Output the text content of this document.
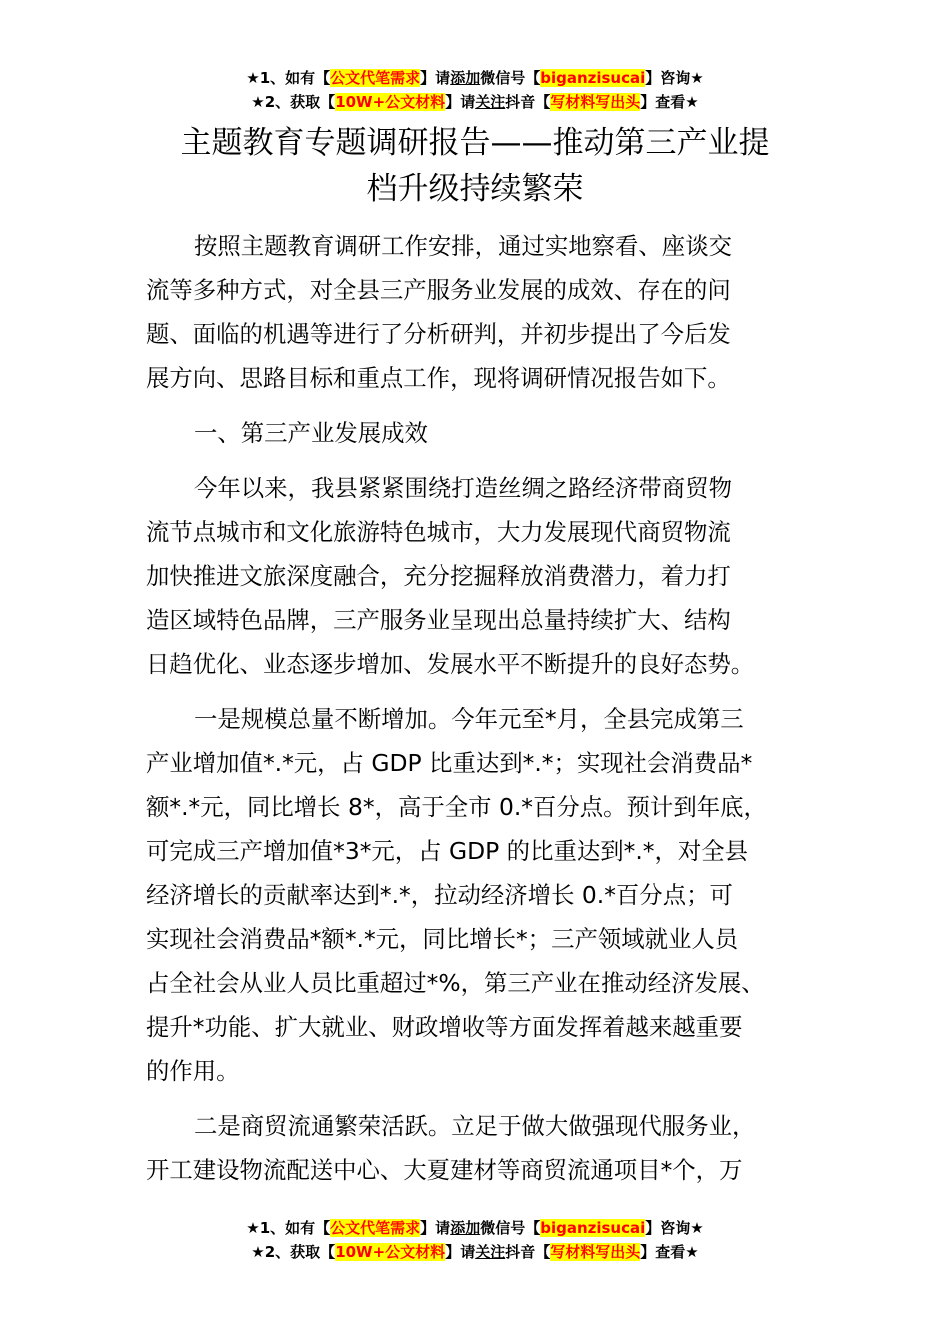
★1、如有【公文代笔需求】请添加微信号【biganzisucai】咨询★
★2、获取【10W+公文材料】请关注抖音【写材料写出头】查看★
主题教育专题调研报告——推动第三产业提
档升级持续繁荣
按照主题教育调研工作安排，通过实地察看、座谈交
流等多种方式，对全县三产服务业发展的成效、存在的问
题、面临的机遇等进行了分析研判，并初步提出了今后发
展方向、思路目标和重点工作，现将调研情况报告如下。
一、第三产业发展成效
今年以来，我县紧紧围绕打造丝绸之路经济带商贸物
流节点城市和文化旅游特色城市，大力发展现代商贸物流
加快推进文旅深度融合，充分挖掘释放消费潜力，着力打
造区域特色品牌，三产服务业呈现出总量持续扩大、结构
日趋优化、业态逐步增加、发展水平不断提升的良好态势。
一是规模总量不断增加。今年元至*月，全县完成第三
产业增加值*.*元，占 GDP 比重达到*.*；实现社会消费品*
额*.*元，同比增长 8*，高于全市 0.*百分点。预计到年底，
可完成三产增加值*3*元，占 GDP 的比重达到*.*，对全县
经济增长的贡献率达到*.*，拉动经济增长 0.*百分点；可
实现社会消费品*额*.*元，同比增长*；三产领域就业人员
占全社会从业人员比重超过*%，第三产业在推动经济发展、
提升*功能、扩大就业、财政增收等方面发挥着越来越重要
的作用。
二是商贸流通繁荣活跃。立足于做大做强现代服务业，
开工建设物流配送中心、大夏建材等商贸流通项目*个，万
★1、如有【公文代笔需求】请添加微信号【biganzisucai】咨询★
★2、获取【10W+公文材料】请关注抖音【写材料写出头】查看★
